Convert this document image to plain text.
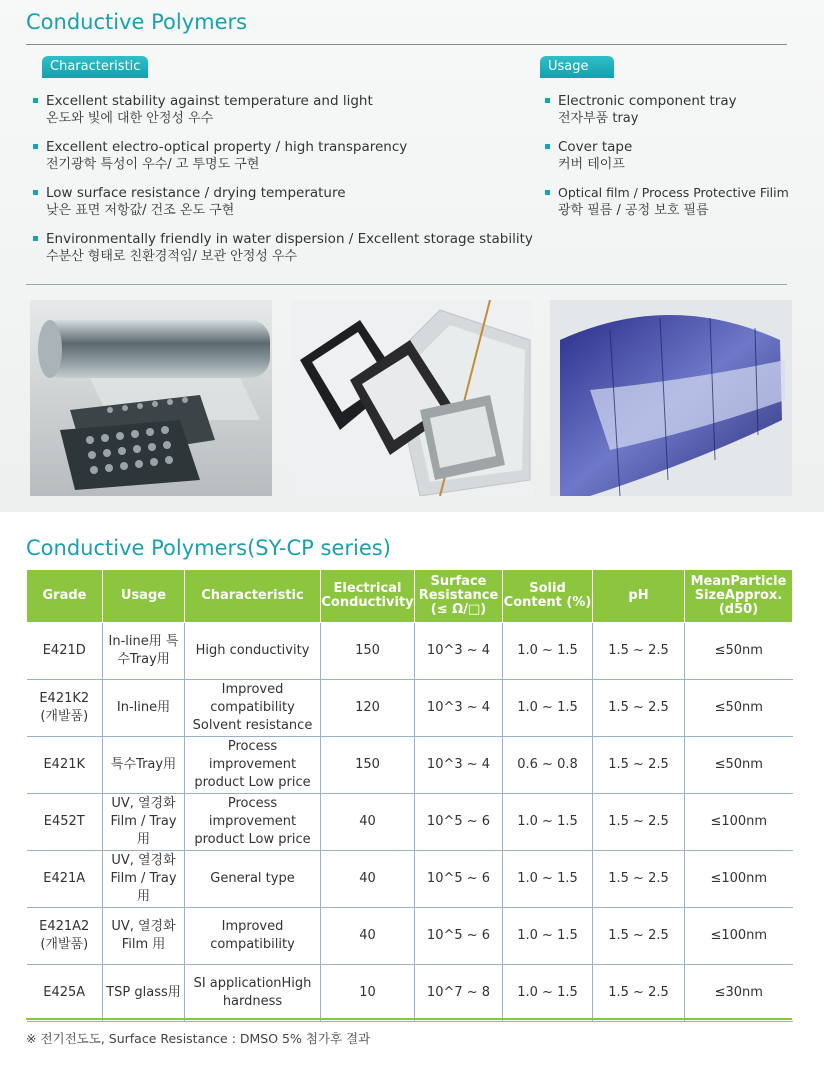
Conductive Polymers
Characteristic	Usage
Excellent stability against temperature and light
온도와 빛에 대한 안정성 우수
Excellent electro-optical property / high transparency
전기광학 특성이 우수/ 고 투명도 구현
Low surface resistance / drying temperature
낮은 표면 저항값/ 건조 온도 구현
Environmentally friendly in water dispersion / Excellent storage stability
수분산 형태로 친환경적임/ 보관 안정성 우수
Electronic component tray
전자부품 tray
Cover tape
커버 테이프
Optical film / Process Protective Filim
광학 필름 / 공정 보호 필름
Conductive Polymers(SY-CP series)
Grade	Usage	Characteristic	Electrical Conductivity	Surface Resistance (≤ Ω/□)	Solid Content (%)	pH	MeanParticle SizeApprox. (d50)
E421D	In-line用 특수Tray用	High conductivity	150	10^3 ~ 4	1.0 ~ 1.5	1.5 ~ 2.5	≤50nm
E421K2 (개발품)	In-line用	Improved compatibility Solvent resistance	120	10^3 ~ 4	1.0 ~ 1.5	1.5 ~ 2.5	≤50nm
E421K	특수Tray用	Process improvement product Low price	150	10^3 ~ 4	0.6 ~ 0.8	1.5 ~ 2.5	≤50nm
E452T	UV, 열경화 Film / Tray用	Process improvement product Low price	40	10^5 ~ 6	1.0 ~ 1.5	1.5 ~ 2.5	≤100nm
E421A	UV, 열경화 Film / Tray用	General type	40	10^5 ~ 6	1.0 ~ 1.5	1.5 ~ 2.5	≤100nm
E421A2 (개발품)	UV, 열경화 Film 用	Improved compatibility	40	10^5 ~ 6	1.0 ~ 1.5	1.5 ~ 2.5	≤100nm
E425A	TSP glass用	SI applicationHigh hardness	10	10^7 ~ 8	1.0 ~ 1.5	1.5 ~ 2.5	≤30nm
※ 전기전도도, Surface Resistance : DMSO 5% 첨가후 결과
